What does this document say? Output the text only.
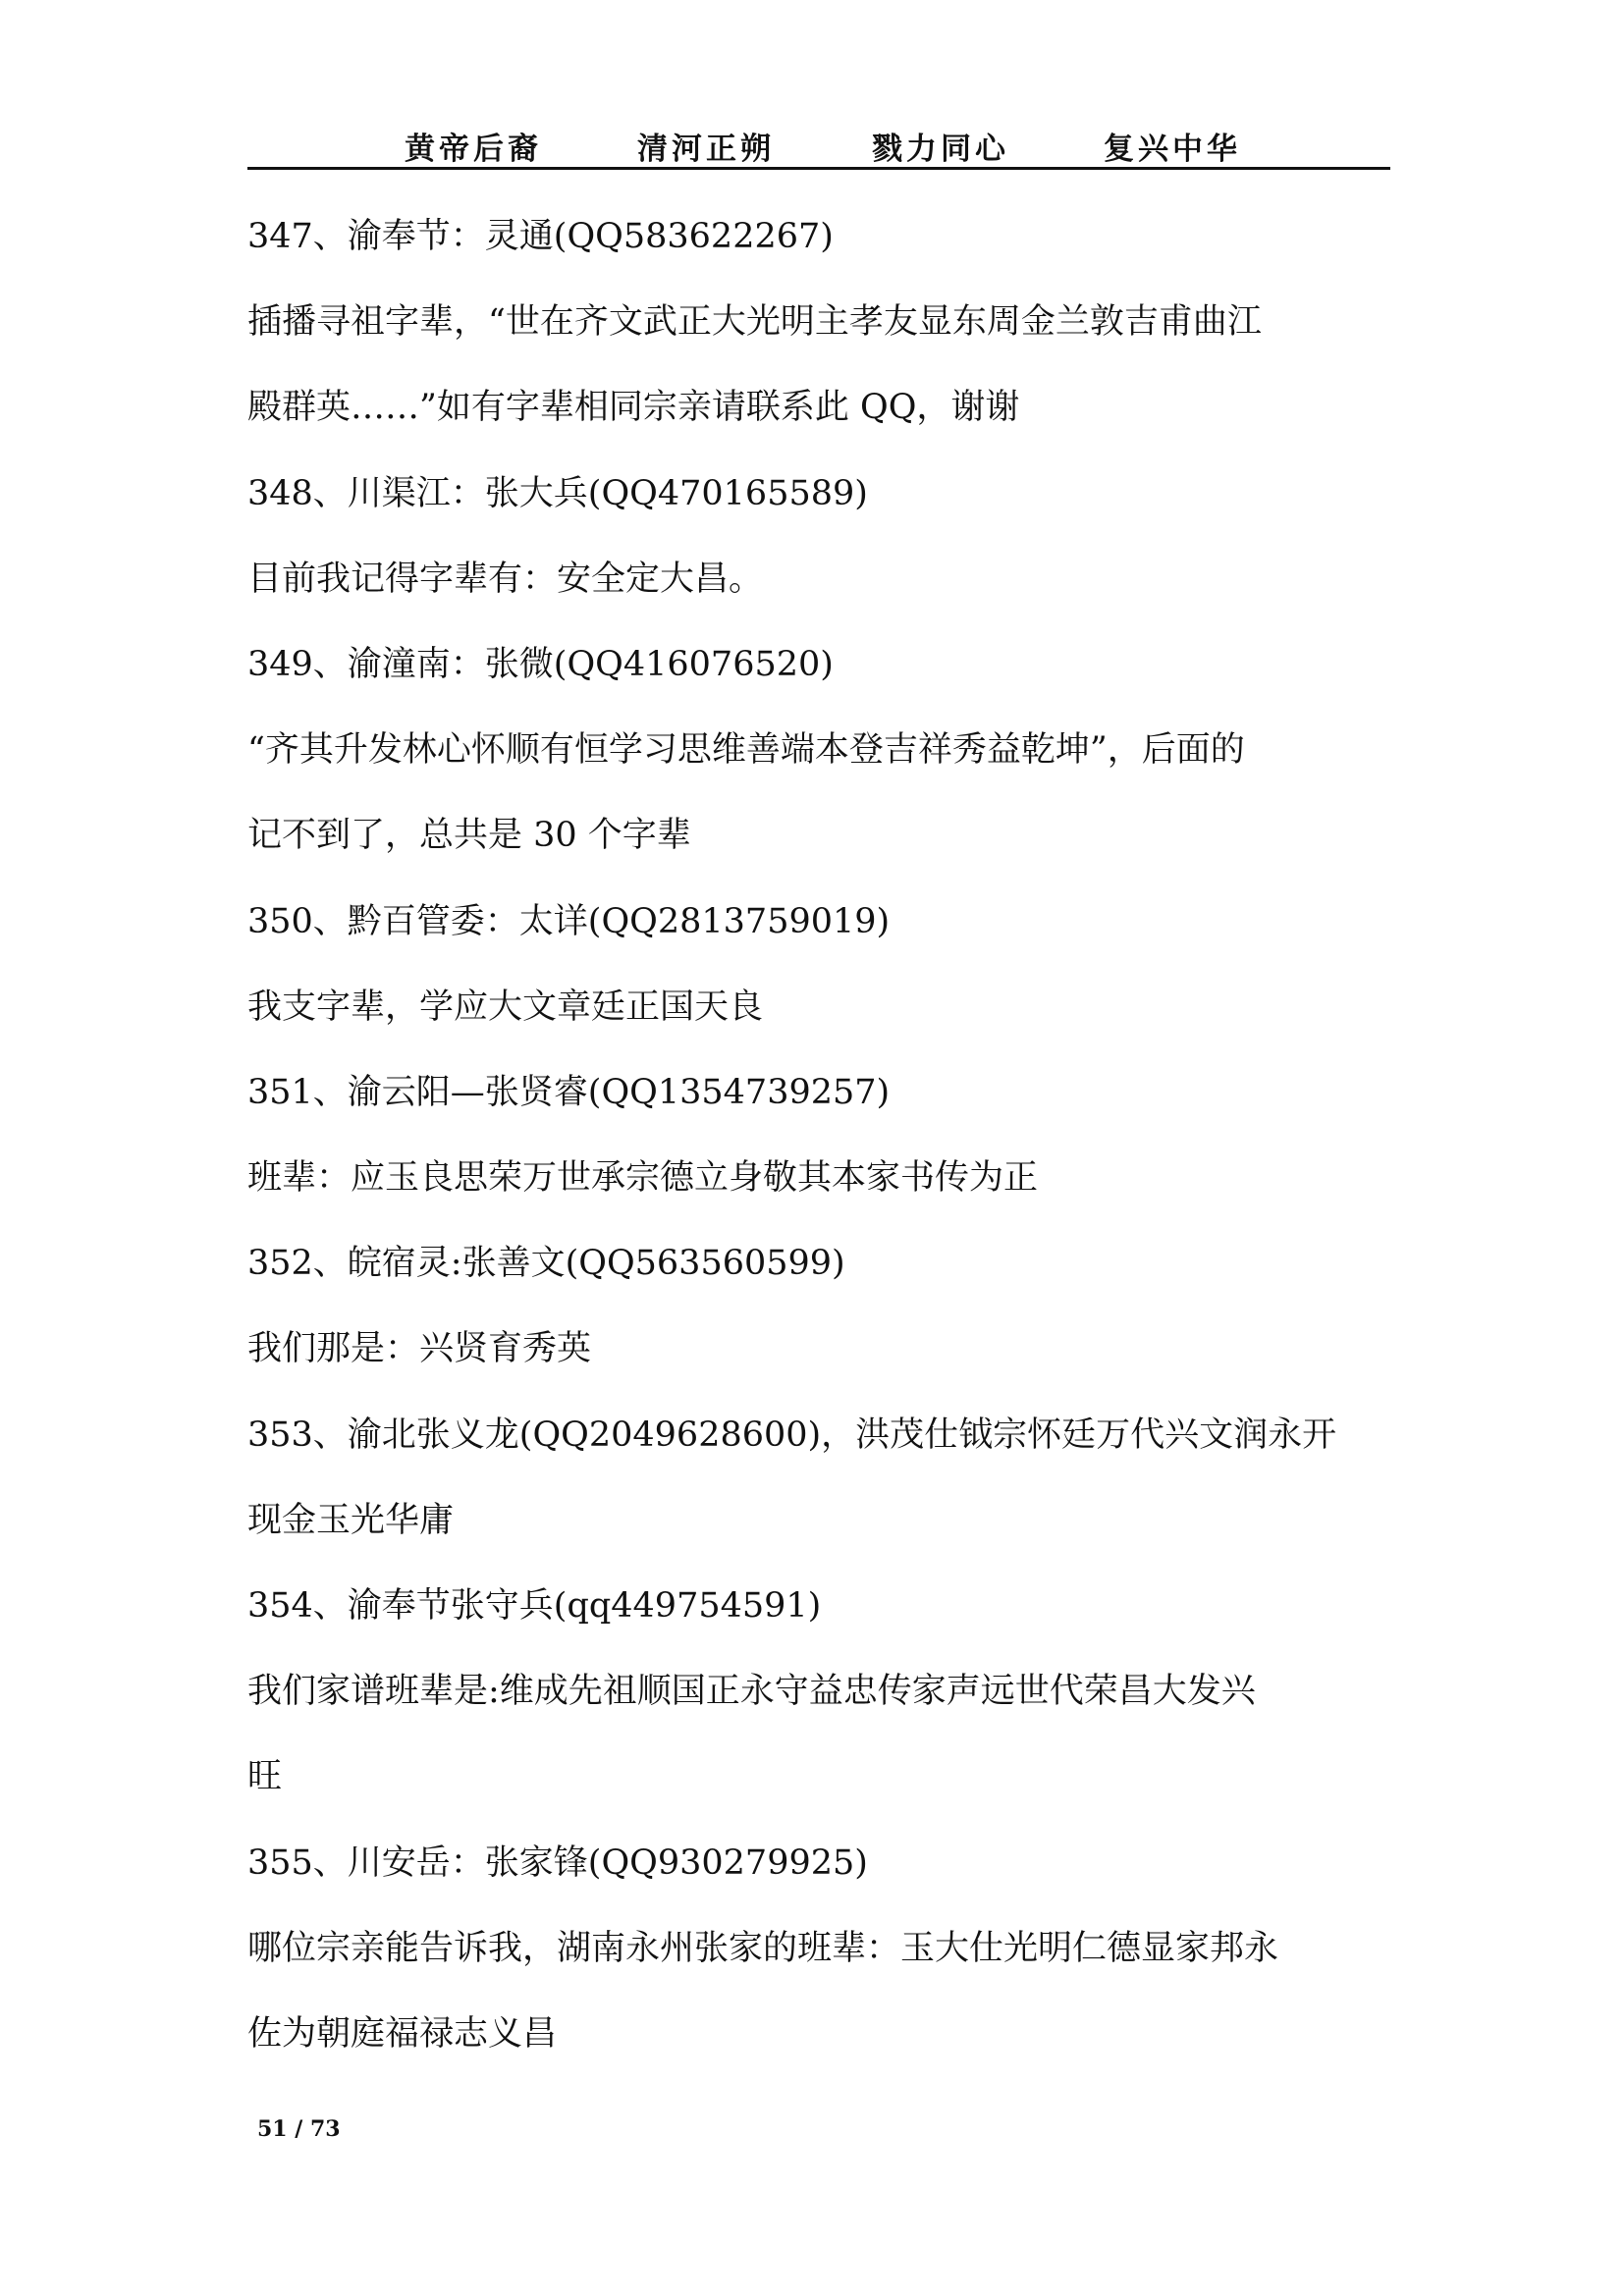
黄帝后裔	清河正朔	戮力同心	复兴中华
347、渝奉节：灵通(QQ583622267)
插播寻祖字辈，“世在齐文武正大光明主孝友显东周金兰敦吉甫曲江
殿群英……”如有字辈相同宗亲请联系此 QQ，谢谢
348、川渠江：张大兵(QQ470165589)
目前我记得字辈有：安全定大昌。
349、渝潼南：张微(QQ416076520)
“齐其升发林心怀顺有恒学习思维善端本登吉祥秀益乾坤”，后面的
记不到了，总共是 30 个字辈
350、黔百管委：太详(QQ2813759019)
我支字辈，学应大文章廷正国天良
351、渝云阳—张贤睿(QQ1354739257)
班辈：应玉良思荣万世承宗德立身敬其本家书传为正
352、皖宿灵:张善文(QQ563560599)
我们那是：兴贤育秀英
353、渝北张义龙(QQ2049628600)，洪茂仕钺宗怀廷万代兴文润永开
现金玉光华庸
354、渝奉节张守兵(qq449754591)
我们家谱班辈是:维成先祖顺国正永守益忠传家声远世代荣昌大发兴
旺
355、川安岳：张家锋(QQ930279925)
哪位宗亲能告诉我，湖南永州张家的班辈：玉大仕光明仁德显家邦永
佐为朝庭福禄志义昌
51 / 73
